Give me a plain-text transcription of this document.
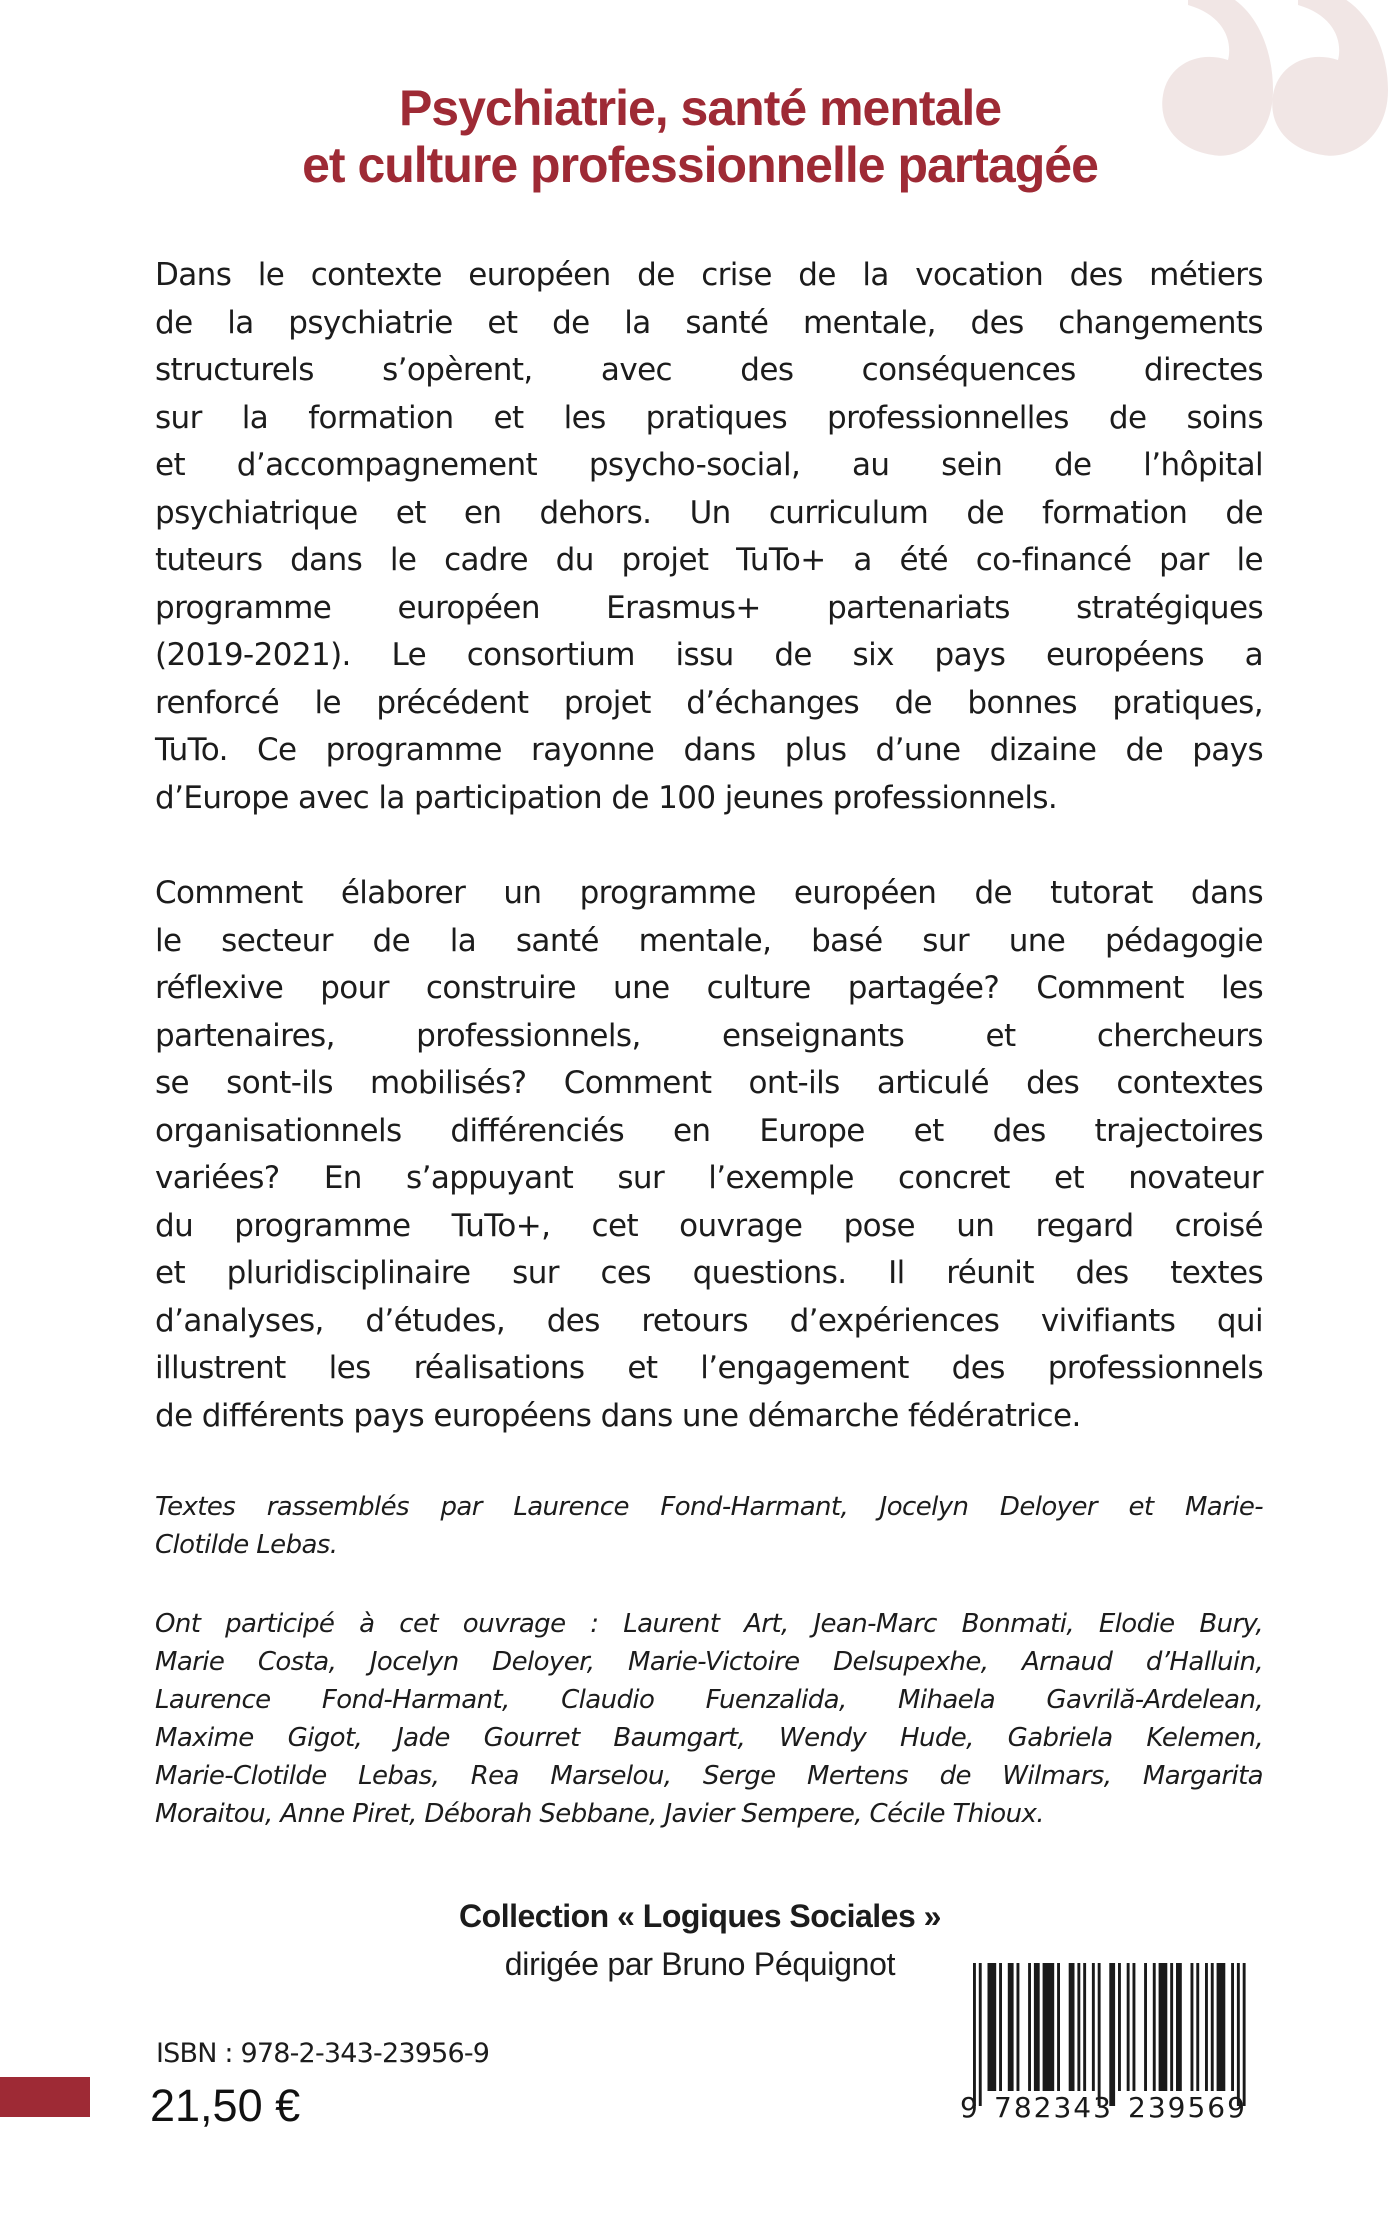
Psychiatrie, santé mentale
et culture professionnelle partagée
Dans le contexte européen de crise de la vocation des métiers
de la psychiatrie et de la santé mentale, des changements
structurels s’opèrent, avec des conséquences directes
sur la formation et les pratiques professionnelles de soins
et d’accompagnement psycho-social, au sein de l’hôpital
psychiatrique et en dehors. Un curriculum de formation de
tuteurs dans le cadre du projet TuTo+ a été co-financé par le
programme européen Erasmus+ partenariats stratégiques
(2019-2021). Le consortium issu de six pays européens a
renforcé le précédent projet d’échanges de bonnes pratiques,
TuTo. Ce programme rayonne dans plus d’une dizaine de pays
d’Europe avec la participation de 100 jeunes professionnels.
Comment élaborer un programme européen de tutorat dans
le secteur de la santé mentale, basé sur une pédagogie
réflexive pour construire une culture partagée? Comment les
partenaires, professionnels, enseignants et chercheurs
se sont-ils mobilisés? Comment ont-ils articulé des contextes
organisationnels différenciés en Europe et des trajectoires
variées? En s’appuyant sur l’exemple concret et novateur
du programme TuTo+, cet ouvrage pose un regard croisé
et pluridisciplinaire sur ces questions. Il réunit des textes
d’analyses, d’études, des retours d’expériences vivifiants qui
illustrent les réalisations et l’engagement des professionnels
de différents pays européens dans une démarche fédératrice.
Textes rassemblés par Laurence Fond-Harmant, Jocelyn Deloyer et Marie-
Clotilde Lebas.
Ont participé à cet ouvrage : Laurent Art, Jean-Marc Bonmati, Elodie Bury,
Marie Costa, Jocelyn Deloyer, Marie-Victoire Delsupexhe, Arnaud d’Halluin,
Laurence Fond-Harmant, Claudio Fuenzalida, Mihaela Gavrilă-Ardelean,
Maxime Gigot, Jade Gourret Baumgart, Wendy Hude, Gabriela Kelemen,
Marie-Clotilde Lebas, Rea Marselou, Serge Mertens de Wilmars, Margarita
Moraitou, Anne Piret, Déborah Sebbane, Javier Sempere, Cécile Thioux.
Collection « Logiques Sociales »
dirigée par Bruno Péquignot
ISBN : 978-2-343-23956-9
21,50 €	9 782343 239569
